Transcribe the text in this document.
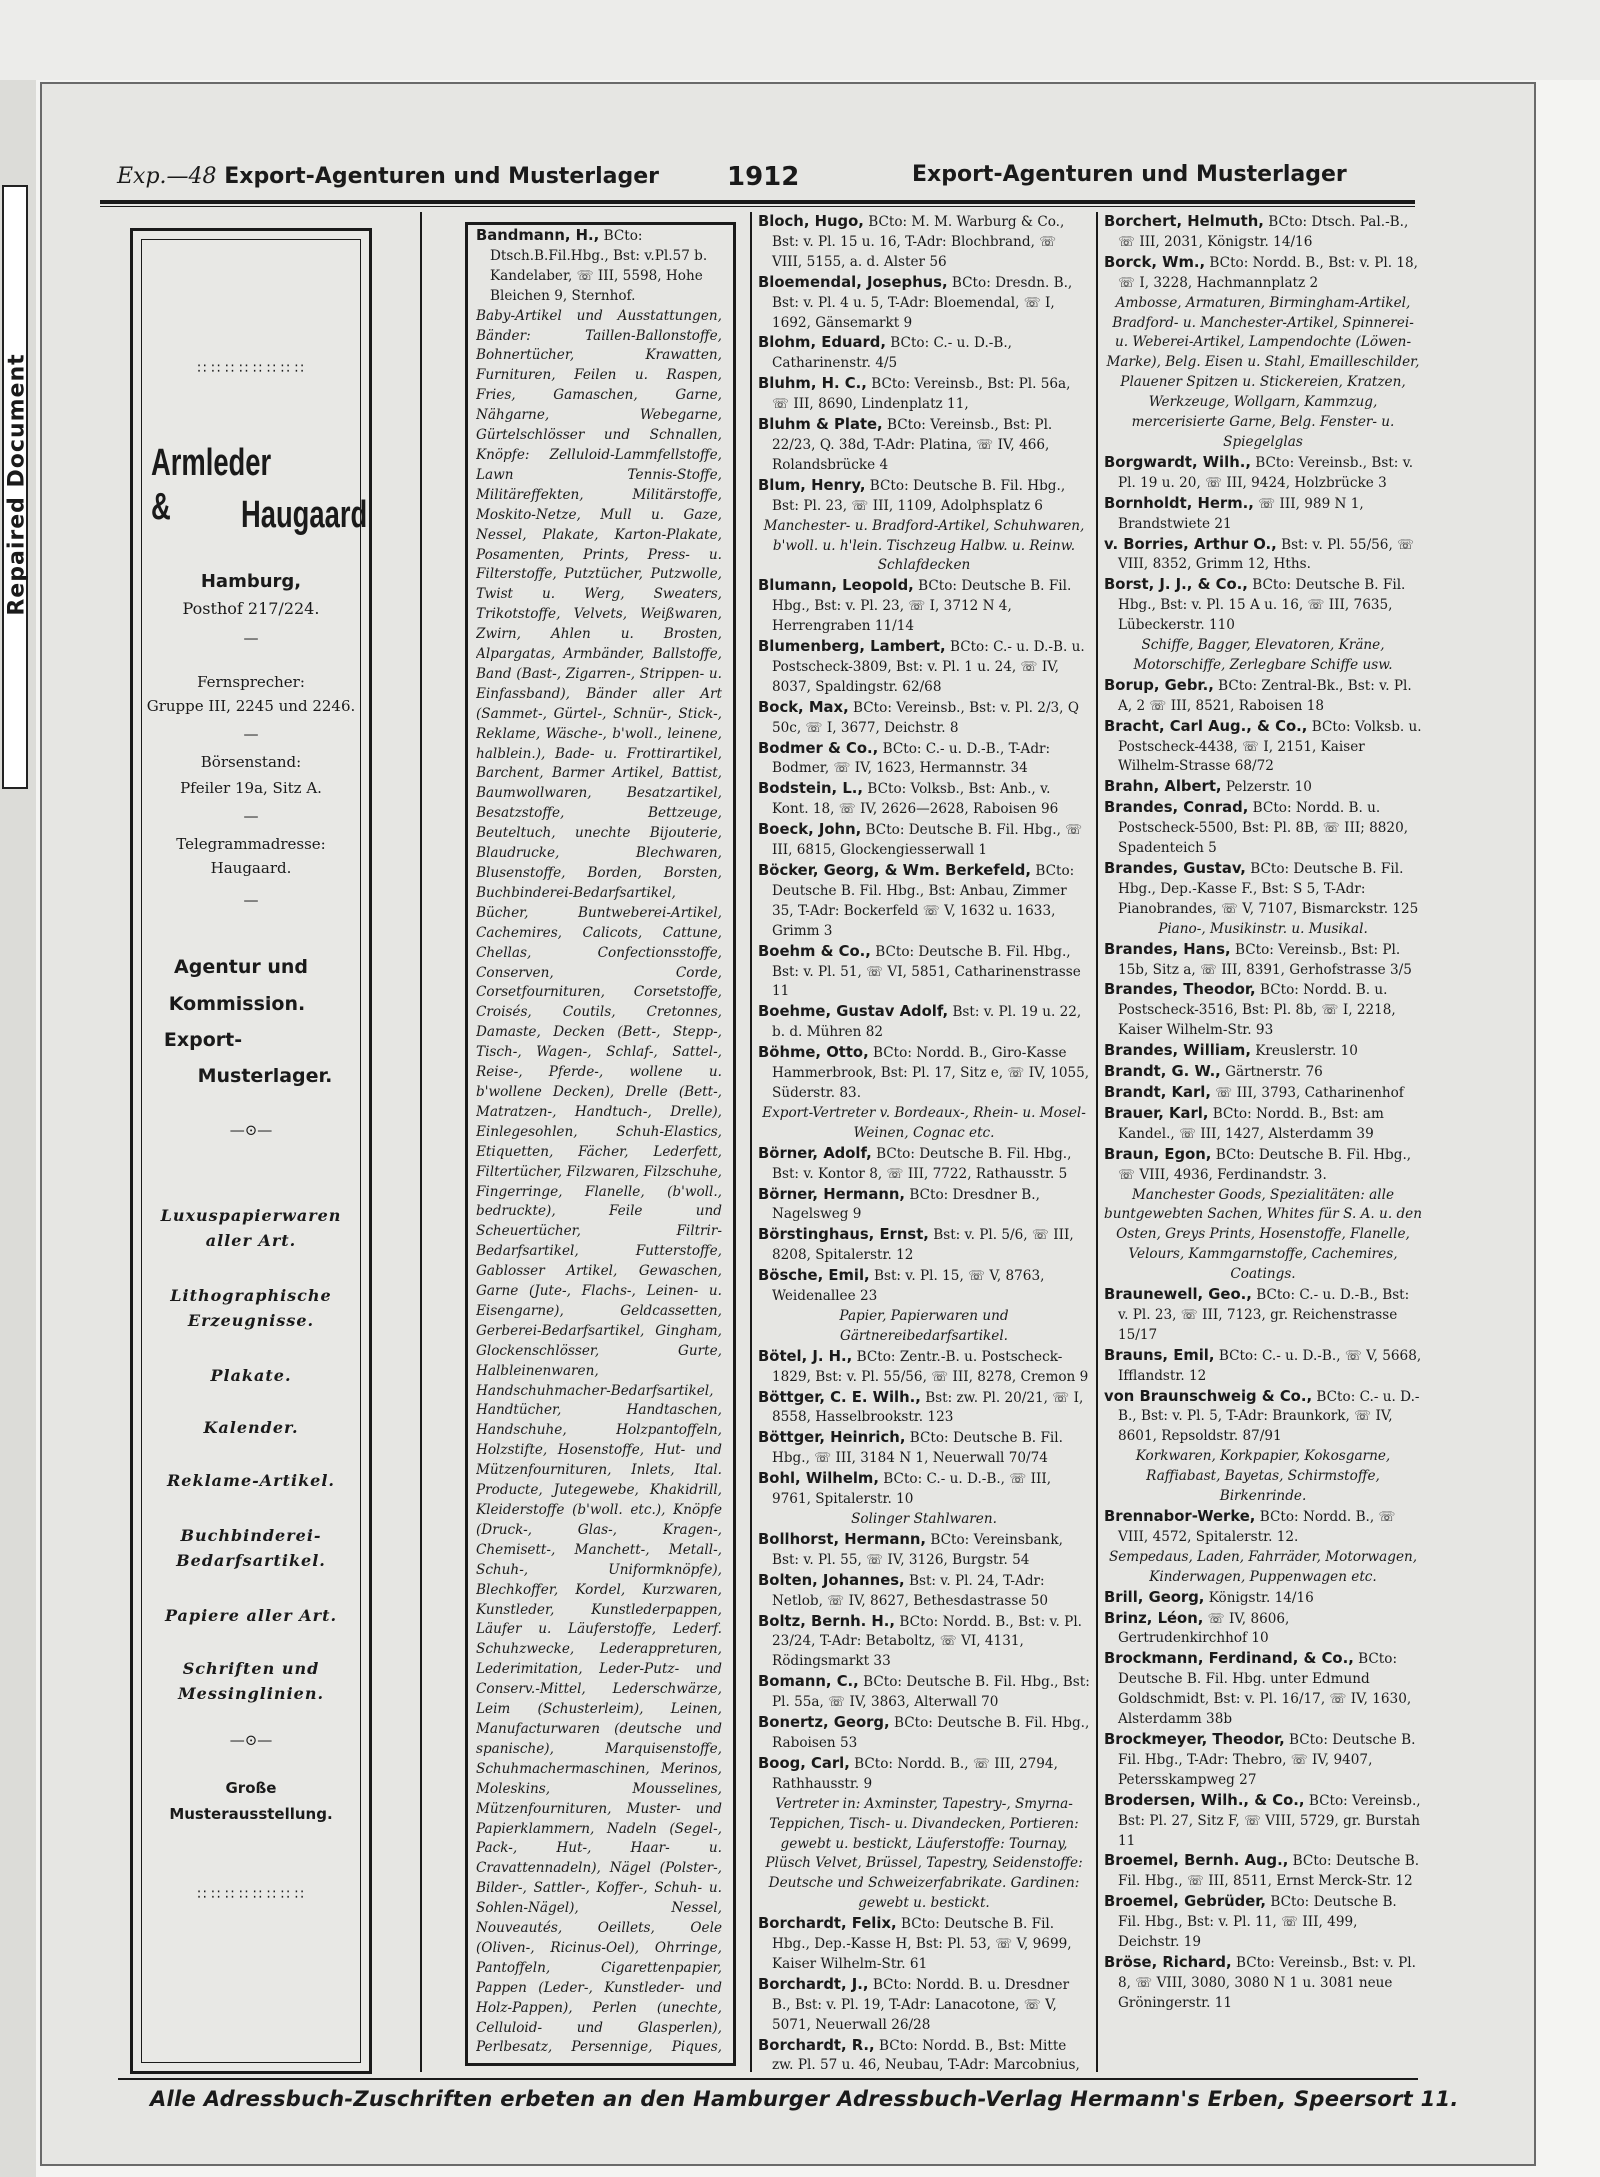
Repaired Document
Exp.—48 Export-Agenturen und Musterlager	1912	Export-Agenturen und Musterlager
∷∷∷∷∷∷∷∷
Armleder &	Haugaard
Hamburg,
Posthof 217/224.
—
Fernsprecher:
Gruppe III, 2245 und 2246.
—
Börsenstand:
Pfeiler 19a, Sitz A.
—
Telegrammadresse:
Haugaard.
—
Agentur und
Kommission.
Export-
Musterlager.
—⊙—
Luxuspapierwaren
aller Art.
Lithographische
Erzeugnisse.
Plakate.
Kalender.
Reklame-Artikel.
Buchbinderei-
Bedarfsartikel.
Papiere aller Art.
Schriften und
Messinglinien.
—⊙—
Große
Musterausstellung.
∷∷∷∷∷∷∷∷

Bandmann, H., BCto: Dtsch.B.Fil.Hbg., Bst: v.Pl.57 b. Kandelaber, ☏ III, 5598, Hohe Bleichen 9, Sternhof.

Baby-Artikel und Ausstattungen, Bänder: Taillen-Ballonstoffe, Bohnertücher, Krawatten, Furnituren, Feilen u. Raspen, Fries, Gamaschen, Garne, Nähgarne, Webegarne, Gürtelschlösser und Schnallen, Knöpfe: Zelluloid-Lammfellstoffe, Lawn Tennis-Stoffe, Militäreffekten, Militärstoffe, Moskito-Netze, Mull u. Gaze, Nessel, Plakate, Karton-Plakate, Posamenten, Prints, Press- u. Filterstoffe, Putztücher, Putzwolle, Twist u. Werg, Sweaters, Trikotstoffe, Velvets, Weißwaren, Zwirn, Ahlen u. Brosten, Alpargatas, Armbänder, Ballstoffe, Band (Bast-, Zigarren-, Strippen- u. Einfassband), Bänder aller Art (Sammet-, Gürtel-, Schnür-, Stick-, Reklame, Wäsche-, b'woll., leinene, halblein.), Bade- u. Frottirartikel, Barchent, Barmer Artikel, Battist, Baumwollwaren, Besatzartikel, Besatzstoffe, Bettzeuge, Beuteltuch, unechte Bijouterie, Blaudrucke, Blechwaren, Blusenstoffe, Borden, Borsten, Buchbinderei-Bedarfsartikel, Bücher, Buntweberei-Artikel, Cachemires, Calicots, Cattune, Chellas, Confectionsstoffe, Conserven, Corde, Corsetfournituren, Corsetstoffe, Croisés, Coutils, Cretonnes, Damaste, Decken (Bett-, Stepp-, Tisch-, Wagen-, Schlaf-, Sattel-, Reise-, Pferde-, wollene u. b'wollene Decken), Drelle (Bett-, Matratzen-, Handtuch-, Drelle), Einlegesohlen, Schuh-Elastics, Etiquetten, Fächer, Lederfett, Filtertücher, Filzwaren, Filzschuhe, Fingerringe, Flanelle, (b'woll., bedruckte), Feile und Scheuertücher, Filtrir-Bedarfsartikel, Futterstoffe, Gablosser Artikel, Gewaschen, Garne (Jute-, Flachs-, Leinen- u. Eisengarne), Geldcassetten, Gerberei-Bedarfsartikel, Gingham, Glockenschlösser, Gurte, Halbleinenwaren, Handschuhmacher-Bedarfsartikel, Handtücher, Handtaschen, Handschuhe, Holzpantoffeln, Holzstifte, Hosenstoffe, Hut- und Mützenfournituren, Inlets, Ital. Producte, Jutegewebe, Khakidrill, Kleiderstoffe (b'woll. etc.), Knöpfe (Druck-, Glas-, Kragen-, Chemisett-, Manchett-, Metall-, Schuh-, Uniformknöpfe), Blechkoffer, Kordel, Kurzwaren, Kunstleder, Kunstlederpappen, Läufer u. Läuferstoffe, Lederf. Schuhzwecke, Lederappreturen, Lederimitation, Leder-Putz- und Conserv.-Mittel, Lederschwärze, Leim (Schusterleim), Leinen, Manufacturwaren (deutsche und spanische), Marquisenstoffe, Schuhmachermaschinen, Merinos, Moleskins, Mousselines, Mützenfournituren, Muster- und Papierklammern, Nadeln (Segel-, Pack-, Hut-, Haar- u. Cravattennadeln), Nägel (Polster-, Bilder-, Sattler-, Koffer-, Schuh- u. Sohlen-Nägel), Nessel, Nouveautés, Oeillets, Oele (Oliven-, Ricinus-Oel), Ohrringe, Pantoffeln, Cigarettenpapier, Pappen (Leder-, Kunstleder- und Holz-Pappen), Perlen (unechte, Celluloid- und Glasperlen), Perlbesatz, Persennige, Piques,

Bloch, Hugo, BCto: M. M. Warburg & Co., Bst: v. Pl. 15 u. 16, T-Adr: Blochbrand, ☏ VIII, 5155, a. d. Alster 56

Bloemendal, Josephus, BCto: Dresdn. B., Bst: v. Pl. 4 u. 5, T-Adr: Bloemendal, ☏ I, 1692, Gänsemarkt 9

Blohm, Eduard, BCto: C.- u. D.-B., Catharinenstr. 4/5

Bluhm, H. C., BCto: Vereinsb., Bst: Pl. 56a, ☏ III, 8690, Lindenplatz 11,

Bluhm & Plate, BCto: Vereinsb., Bst: Pl. 22/23, Q. 38d, T-Adr: Platina, ☏ IV, 466, Rolandsbrücke 4

Blum, Henry, BCto: Deutsche B. Fil. Hbg., Bst: Pl. 23, ☏ III, 1109, Adolphsplatz 6

Manchester- u. Bradford-Artikel, Schuhwaren, b'woll. u. h'lein. Tischzeug Halbw. u. Reinw. Schlafdecken

Blumann, Leopold, BCto: Deutsche B. Fil. Hbg., Bst: v. Pl. 23, ☏ I, 3712 N 4, Herrengraben 11/14

Blumenberg, Lambert, BCto: C.- u. D.-B. u. Postscheck-3809, Bst: v. Pl. 1 u. 24, ☏ IV, 8037, Spaldingstr. 62/68

Bock, Max, BCto: Vereinsb., Bst: v. Pl. 2/3, Q 50c, ☏ I, 3677, Deichstr. 8

Bodmer & Co., BCto: C.- u. D.-B., T-Adr: Bodmer, ☏ IV, 1623, Hermannstr. 34

Bodstein, L., BCto: Volksb., Bst: Anb., v. Kont. 18, ☏ IV, 2626—2628, Raboisen 96

Boeck, John, BCto: Deutsche B. Fil. Hbg., ☏ III, 6815, Glockengiesserwall 1

Böcker, Georg, & Wm. Berkefeld, BCto: Deutsche B. Fil. Hbg., Bst: Anbau, Zimmer 35, T-Adr: Bockerfeld ☏ V, 1632 u. 1633, Grimm 3

Boehm & Co., BCto: Deutsche B. Fil. Hbg., Bst: v. Pl. 51, ☏ VI, 5851, Catharinenstrasse 11

Boehme, Gustav Adolf, Bst: v. Pl. 19 u. 22, b. d. Mühren 82

Böhme, Otto, BCto: Nordd. B., Giro-Kasse Hammerbrook, Bst: Pl. 17, Sitz e, ☏ IV, 1055, Süderstr. 83.

Export-Vertreter v. Bordeaux-, Rhein- u. Mosel- Weinen, Cognac etc.

Börner, Adolf, BCto: Deutsche B. Fil. Hbg., Bst: v. Kontor 8, ☏ III, 7722, Rathausstr. 5

Börner, Hermann, BCto: Dresdner B., Nagelsweg 9

Börstinghaus, Ernst, Bst: v. Pl. 5/6, ☏ III, 8208, Spitalerstr. 12

Bösche, Emil, Bst: v. Pl. 15, ☏ V, 8763, Weidenallee 23

Papier, Papierwaren und Gärtnereibedarfsartikel.

Bötel, J. H., BCto: Zentr.-B. u. Postscheck-1829, Bst: v. Pl. 55/56, ☏ III, 8278, Cremon 9

Böttger, C. E. Wilh., Bst: zw. Pl. 20/21, ☏ I, 8558, Hasselbrookstr. 123

Böttger, Heinrich, BCto: Deutsche B. Fil. Hbg., ☏ III, 3184 N 1, Neuerwall 70/74

Bohl, Wilhelm, BCto: C.- u. D.-B., ☏ III, 9761, Spitalerstr. 10

Solinger Stahlwaren.

Bollhorst, Hermann, BCto: Vereinsbank, Bst: v. Pl. 55, ☏ IV, 3126, Burgstr. 54

Bolten, Johannes, Bst: v. Pl. 24, T-Adr: Netlob, ☏ IV, 8627, Bethesdastrasse 50

Boltz, Bernh. H., BCto: Nordd. B., Bst: v. Pl. 23/24, T-Adr: Betaboltz, ☏ VI, 4131, Rödingsmarkt 33

Bomann, C., BCto: Deutsche B. Fil. Hbg., Bst: Pl. 55a, ☏ IV, 3863, Alterwall 70

Bonertz, Georg, BCto: Deutsche B. Fil. Hbg., Raboisen 53

Boog, Carl, BCto: Nordd. B., ☏ III, 2794, Rathhausstr. 9

Vertreter in: Axminster, Tapestry-, Smyrna-Teppichen, Tisch- u. Divandecken, Portieren: gewebt u. bestickt, Läuferstoffe: Tournay, Plüsch Velvet, Brüssel, Tapestry, Seidenstoffe: Deutsche und Schweizerfabrikate. Gardinen: gewebt u. bestickt.

Borchardt, Felix, BCto: Deutsche B. Fil. Hbg., Dep.-Kasse H, Bst: Pl. 53, ☏ V, 9699, Kaiser Wilhelm-Str. 61

Borchardt, J., BCto: Nordd. B. u. Dresdner B., Bst: v. Pl. 19, T-Adr: Lanacotone, ☏ V, 5071, Neuerwall 26/28

Borchardt, R., BCto: Nordd. B., Bst: Mitte zw. Pl. 57 u. 46, Neubau, T-Adr: Marcobnius,

Borchert, Helmuth, BCto: Dtsch. Pal.-B., ☏ III, 2031, Königstr. 14/16

Borck, Wm., BCto: Nordd. B., Bst: v. Pl. 18, ☏ I, 3228, Hachmannplatz 2

Ambosse, Armaturen, Birmingham-Artikel, Bradford- u. Manchester-Artikel, Spinnerei- u. Weberei-Artikel, Lampendochte (Löwen-Marke), Belg. Eisen u. Stahl, Emailleschilder, Plauener Spitzen u. Stickereien, Kratzen, Werkzeuge, Wollgarn, Kammzug, mercerisierte Garne, Belg. Fenster- u. Spiegelglas

Borgwardt, Wilh., BCto: Vereinsb., Bst: v. Pl. 19 u. 20, ☏ III, 9424, Holzbrücke 3

Bornholdt, Herm., ☏ III, 989 N 1, Brandstwiete 21

v. Borries, Arthur O., Bst: v. Pl. 55/56, ☏ VIII, 8352, Grimm 12, Hths.

Borst, J. J., & Co., BCto: Deutsche B. Fil. Hbg., Bst: v. Pl. 15 A u. 16, ☏ III, 7635, Lübeckerstr. 110

Schiffe, Bagger, Elevatoren, Kräne, Motorschiffe, Zerlegbare Schiffe usw.

Borup, Gebr., BCto: Zentral-Bk., Bst: v. Pl. A, 2 ☏ III, 8521, Raboisen 18

Bracht, Carl Aug., & Co., BCto: Volksb. u. Postscheck-4438, ☏ I, 2151, Kaiser Wilhelm-Strasse 68/72

Brahn, Albert, Pelzerstr. 10

Brandes, Conrad, BCto: Nordd. B. u. Postscheck-5500, Bst: Pl. 8B, ☏ III; 8820, Spadenteich 5

Brandes, Gustav, BCto: Deutsche B. Fil. Hbg., Dep.-Kasse F., Bst: S 5, T-Adr: Pianobrandes, ☏ V, 7107, Bismarckstr. 125

Piano-, Musikinstr. u. Musikal.

Brandes, Hans, BCto: Vereinsb., Bst: Pl. 15b, Sitz a, ☏ III, 8391, Gerhofstrasse 3/5

Brandes, Theodor, BCto: Nordd. B. u. Postscheck-3516, Bst: Pl. 8b, ☏ I, 2218, Kaiser Wilhelm-Str. 93

Brandes, William, Kreuslerstr. 10

Brandt, G. W., Gärtnerstr. 76

Brandt, Karl, ☏ III, 3793, Catharinenhof

Brauer, Karl, BCto: Nordd. B., Bst: am Kandel., ☏ III, 1427, Alsterdamm 39

Braun, Egon, BCto: Deutsche B. Fil. Hbg., ☏ VIII, 4936, Ferdinandstr. 3.

Manchester Goods, Spezialitäten: alle buntgewebten Sachen, Whites für S. A. u. den Osten, Greys Prints, Hosenstoffe, Flanelle, Velours, Kammgarnstoffe, Cachemires, Coatings.

Braunewell, Geo., BCto: C.- u. D.-B., Bst: v. Pl. 23, ☏ III, 7123, gr. Reichenstrasse 15/17

Brauns, Emil, BCto: C.- u. D.-B., ☏ V, 5668, Ifflandstr. 12

von Braunschweig & Co., BCto: C.- u. D.-B., Bst: v. Pl. 5, T-Adr: Braunkork, ☏ IV, 8601, Repsoldstr. 87/91

Korkwaren, Korkpapier, Kokosgarne, Raffiabast, Bayetas, Schirmstoffe, Birkenrinde.

Brennabor-Werke, BCto: Nordd. B., ☏ VIII, 4572, Spitalerstr. 12.

Sempedaus, Laden, Fahrräder, Motorwagen, Kinderwagen, Puppenwagen etc.

Brill, Georg, Königstr. 14/16

Brinz, Léon, ☏ IV, 8606, Gertrudenkirchhof 10

Brockmann, Ferdinand, & Co., BCto: Deutsche B. Fil. Hbg. unter Edmund Goldschmidt, Bst: v. Pl. 16/17, ☏ IV, 1630, Alsterdamm 38b

Brockmeyer, Theodor, BCto: Deutsche B. Fil. Hbg., T-Adr: Thebro, ☏ IV, 9407, Petersskampweg 27

Brodersen, Wilh., & Co., BCto: Vereinsb., Bst: Pl. 27, Sitz F, ☏ VIII, 5729, gr. Burstah 11

Broemel, Bernh. Aug., BCto: Deutsche B. Fil. Hbg., ☏ III, 8511, Ernst Merck-Str. 12

Broemel, Gebrüder, BCto: Deutsche B. Fil. Hbg., Bst: v. Pl. 11, ☏ III, 499, Deichstr. 19

Bröse, Richard, BCto: Vereinsb., Bst: v. Pl. 8, ☏ VIII, 3080, 3080 N 1 u. 3081 neue Gröningerstr. 11

Alle Adressbuch-Zuschriften erbeten an den Hamburger Adressbuch-Verlag Hermann's Erben, Speersort 11.
